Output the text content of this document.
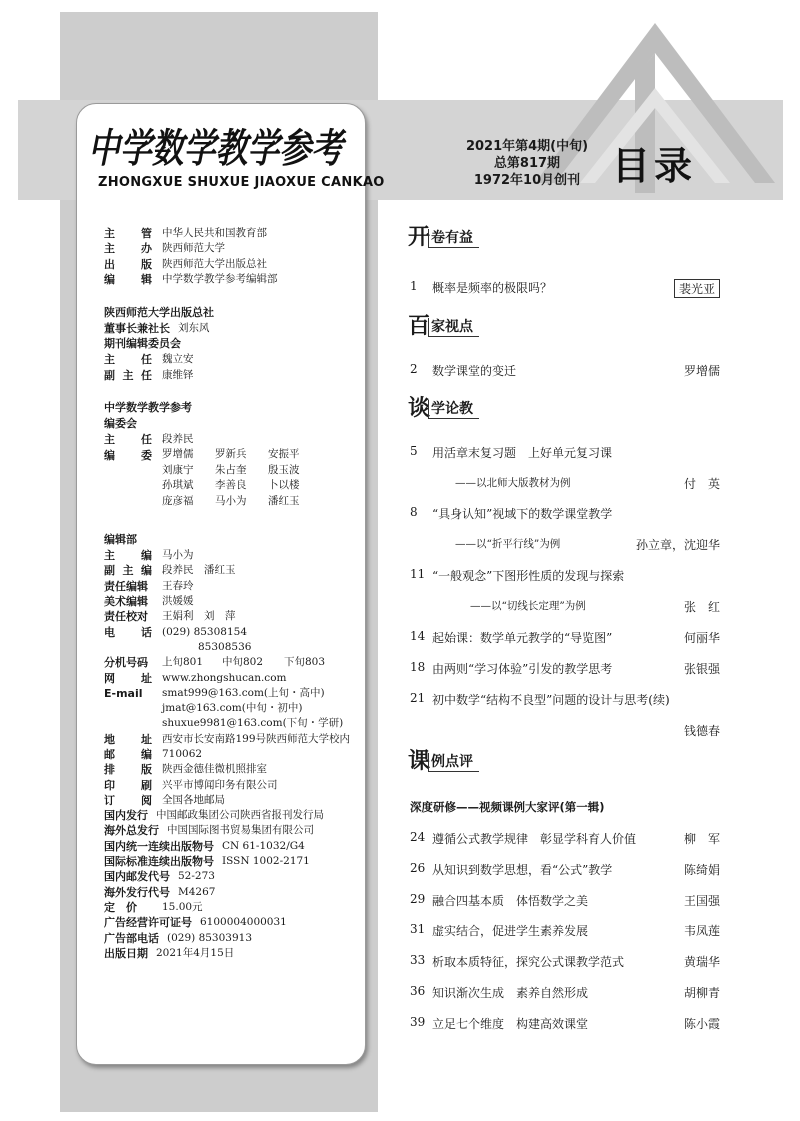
中学数学教学参考
ZHONGXUE SHUXUE JIAOXUE CANKAO
2021年第4期(中旬)
总第817期
1972年10月创刊 目录
主 管 中华人民共和国教育部
主 办 陕西师范大学
出 版 陕西师范大学出版总社
编 辑 中学数学教学参考编辑部
陕西师范大学出版总社
董事长兼社长 刘东风
期刊编辑委员会
主 任 魏立安
副 主 任 康维铎
中学数学教学参考
编委会
主 任 段养民
编 委 罗增儒	罗新兵	安振平
刘康宁	朱占奎	殷玉波
孙琪斌	李善良	卜以楼
庞彦福	马小为	潘红玉
编辑部
主 编 马小为
副 主 编 段养民　潘红玉
责任编辑 王春玲
美术编辑 洪媛媛
责任校对 王娟利　刘　萍
电 话 (029) 85308154
85308536
分机号码	上旬801	中旬802	下旬803
网 址 www.zhongshucan.com
E-mail	smat999@163.com(上旬・高中)
jmat@163.com(中旬・初中)
shuxue9981@163.com(下旬・学研)
地 址 西安市长安南路199号陕西师范大学校内
邮 编 710062
排 版 陕西金德佳微机照排室
印 刷 兴平市博闻印务有限公司
订 阅 全国各地邮局
国内发行 中国邮政集团公司陕西省报刊发行局
海外总发行 中国国际图书贸易集团有限公司
国内统一连续出版物号 CN 61-1032/G4
国际标准连续出版物号 ISSN 1002-2171
国内邮发代号 52-273
海外发行代号 M4267
定　价	15.00元
广告经营许可证号 6100004000031
广告部电话 (029) 85303913
出版日期 2021年4月15日
开 卷有益
百 家视点
谈 学论教
课 例点评
1	概率是频率的极限吗？	裴光亚
2	数学课堂的变迁	罗增儒
5	用活章末复习题　上好单元复习课
——以北师大版教材为例	付　英
8	“具身认知”视域下的数学课堂教学
——以“折平行线”为例	孙立章，沈迎华
11 “一般观念”下图形性质的发现与探索
——以“切线长定理”为例	张　红
14 起始课：数学单元教学的“导览图”	何丽华
18 由两则“学习体验”引发的教学思考	张银强
21 初中数学“结构不良型”问题的设计与思考(续)
钱德春
深度研修——视频课例大家评(第一辑)
24 遵循公式教学规律　彰显学科育人价值	柳　军
26 从知识到数学思想，看“公式”教学	陈绮娟
29 融合四基本质　体悟数学之美	王国强
31 虚实结合，促进学生素养发展	韦凤莲
33 析取本质特征，探究公式课教学范式	黄瑞华
36 知识渐次生成　素养自然形成	胡柳青
39 立足七个维度　构建高效课堂	陈小霞
